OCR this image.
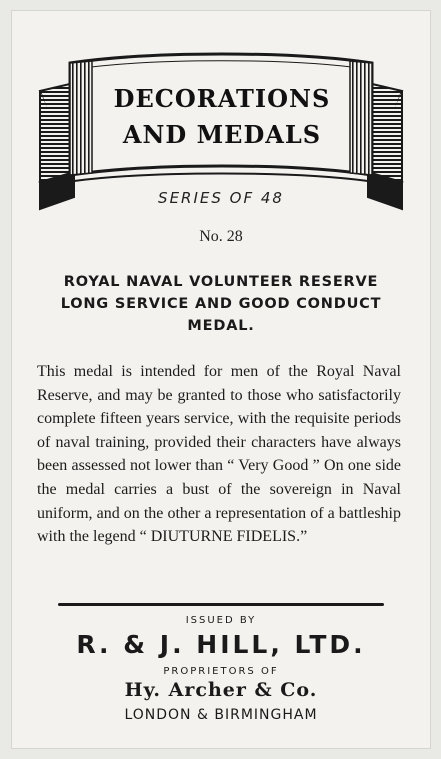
DECORATIONS
AND MEDALS
SERIES OF 48
No. 28
ROYAL NAVAL VOLUNTEER RESERVE LONG SERVICE AND GOOD CONDUCT MEDAL.
This medal is intended for men of the Royal Naval Reserve, and may be granted to those who satisfactorily complete fifteen years service, with the requisite periods of naval training, provided their characters have always been assessed not lower than “ Very Good ” On one side the medal carries a bust of the sovereign in Naval uniform, and on the other a representation of a battleship with the legend “ DIUTURNE FIDELIS.”
ISSUED BY
R. & J. HILL, LTD.
PROPRIETORS OF
Hy. Archer & Co.
LONDON & BIRMINGHAM
